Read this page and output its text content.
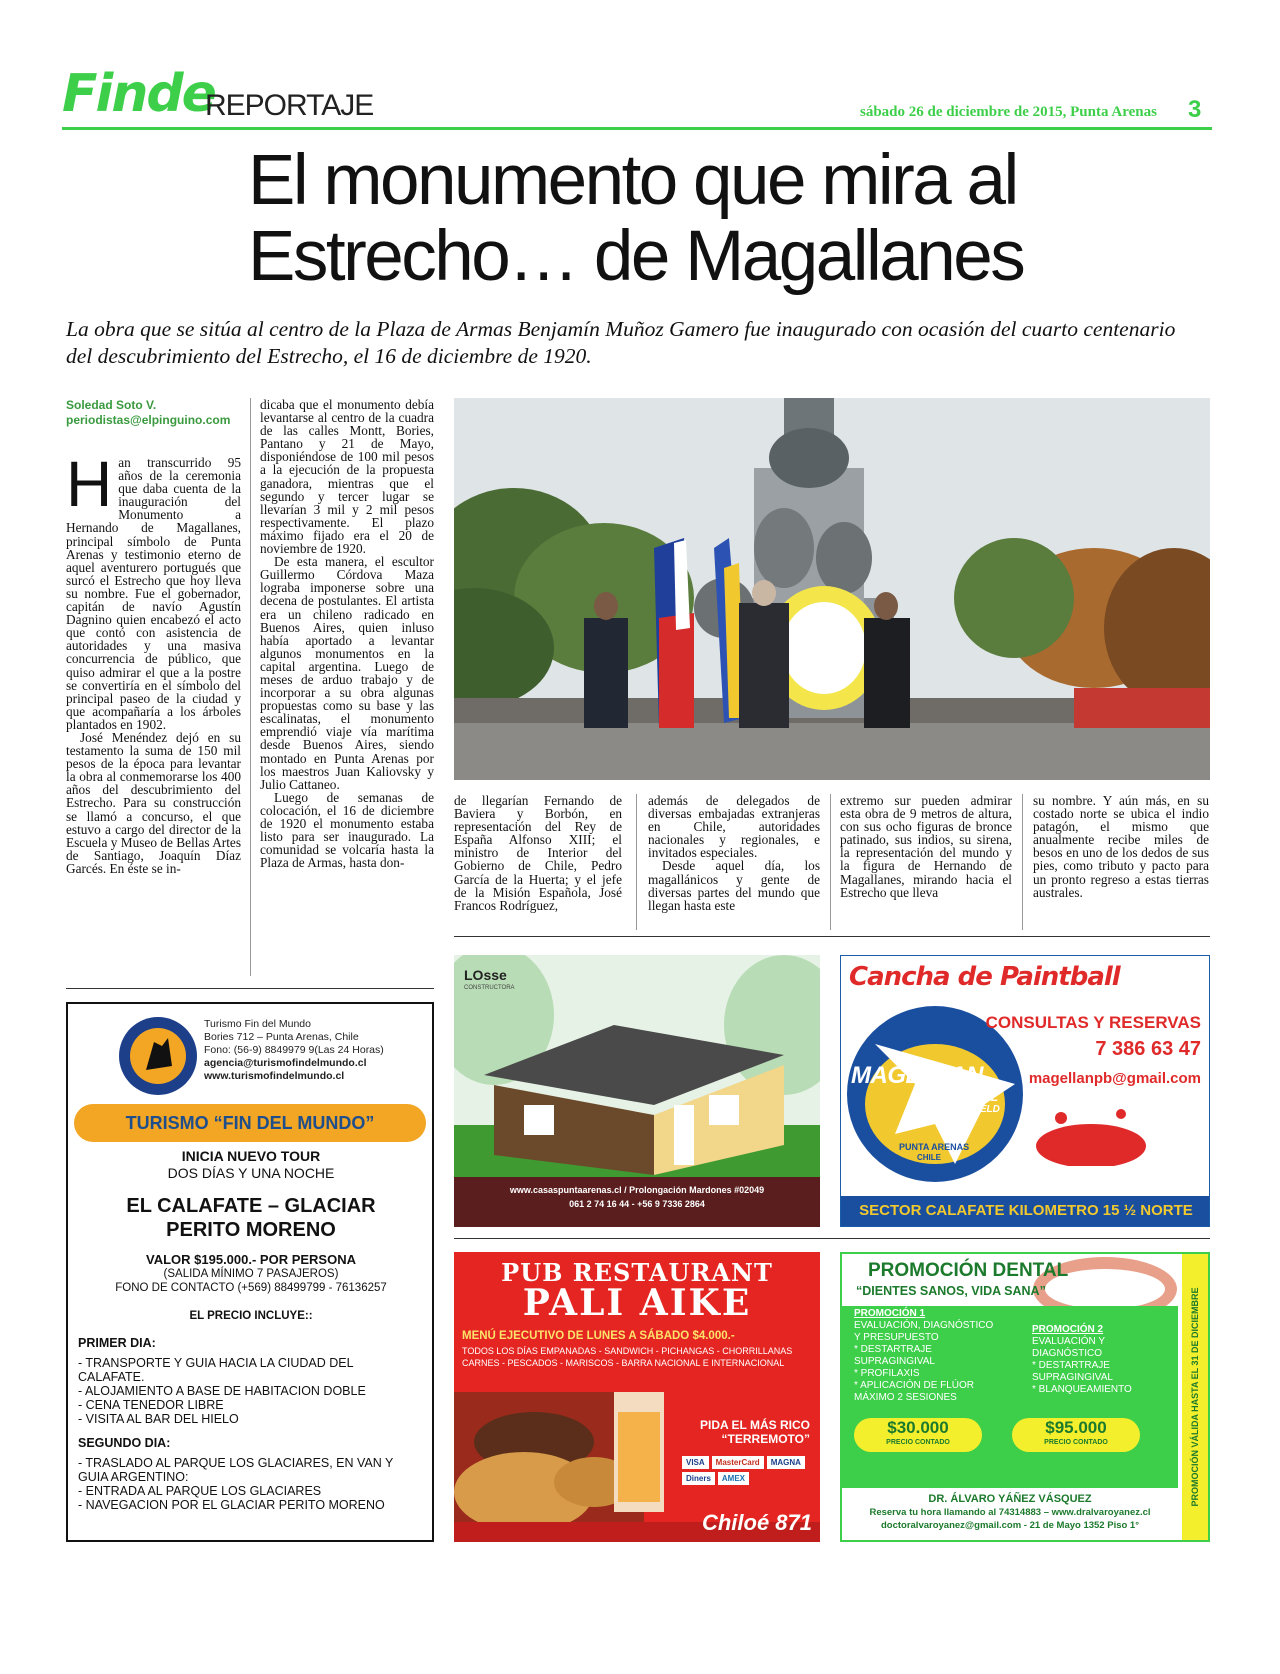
Finde
REPORTAJE	sábado 26 de diciembre de 2015, Punta Arenas 3
El monumento que mira al
Estrecho… de Magallanes
La obra que se sitúa al centro de la Plaza de Armas Benjamín Muñoz Gamero fue inaugurado con ocasión del cuarto centenario del descubrimiento del Estrecho, el 16 de diciembre de 1920.
Soledad Soto V.
periodistas@elpinguino.com
H an transcurrido 95 años de la ceremonia que daba cuenta de la inauguración del Monumento a Hernando de Magallanes, principal símbolo de Punta Arenas y testimonio eterno de aquel aventurero portugués que surcó el Estrecho que hoy lleva su nombre. Fue el gobernador, capitán de navío Agustín Dagnino quien encabezó el acto que contó con asistencia de autoridades y una masiva concurrencia de público, que quiso admirar el que a la postre se convertiría en el símbolo del principal paseo de la ciudad y que acompañaría a los árboles plantados en 1902.

José Menéndez dejó en su testamento la suma de 150 mil pesos de la época para levantar la obra al conmemorarse los 400 años del descubrimiento del Estrecho. Para su construcción se llamó a concurso, el que estuvo a cargo del director de la Escuela y Museo de Bellas Artes de Santiago, Joaquín Díaz Garcés. En éste se in-

dicaba que el monumento debía levantarse al centro de la cuadra de las calles Montt, Bories, Pantano y 21 de Mayo, disponiéndose de 100 mil pesos a la ejecución de la propuesta ganadora, mientras que el segundo y tercer lugar se llevarían 3 mil y 2 mil pesos respectivamente. El plazo máximo fijado era el 20 de noviembre de 1920.

De esta manera, el escultor Guillermo Córdova Maza lograba imponerse sobre una decena de postulantes. El artista era un chileno radicado en Buenos Aires, quien inluso había aportado a levantar algunos monumentos en la capital argentina. Luego de meses de arduo trabajo y de incorporar a su obra algunas propuestas como su base y las escalinatas, el monumento emprendió viaje vía marítima desde Buenos Aires, siendo montado en Punta Arenas por los maestros Juan Kaliovsky y Julio Cattaneo.

Luego de semanas de colocación, el 16 de diciembre de 1920 el monumento estaba listo para ser inaugurado. La comunidad se volcaría hasta la Plaza de Armas, hasta don-

de llegarían Fernando de Baviera y Borbón, en representación del Rey de España Alfonso XIII; el ministro de Interior del Gobierno de Chile, Pedro García de la Huerta; y el jefe de la Misión Española, José Francos Rodríguez,

además de delegados de diversas embajadas extranjeras en Chile, autoridades nacionales y regionales, e invitados especiales.

Desde aquel día, los magallánicos y gente de diversas partes del mundo que llegan hasta este

extremo sur pueden admirar esta obra de 9 metros de altura, con sus ocho figuras de bronce patinado, sus indios, su sirena, la representación del mundo y la figura de Hernando de Magallanes, mirando hacia el Estrecho que lleva

su nombre. Y aún más, en su costado norte se ubica el indio patagón, el mismo que anualmente recibe miles de besos en uno de los dedos de sus pies, como tributo y pacto para un pronto regreso a estas tierras australes.

Turismo Fin del Mundo
Bories 712 – Punta Arenas, Chile
Fono: (56-9) 8849979 9(Las 24 Horas)
agencia@turismofindelmundo.cl
www.turismofindelmundo.cl
TURISMO “FIN DEL MUNDO”
INICIA NUEVO TOUR
DOS DÍAS Y UNA NOCHE
EL CALAFATE – GLACIAR
PERITO MORENO
VALOR $195.000.- POR PERSONA
(SALIDA MÍNIMO 7 PASAJEROS)
FONO DE CONTACTO (+569) 88499799 - 76136257
EL PRECIO INCLUYE::
PRIMER DIA:
- TRANSPORTE Y GUIA HACIA LA CIUDAD DEL CALAFATE.
- ALOJAMIENTO A BASE DE HABITACION DOBLE
- CENA TENEDOR LIBRE
- VISITA AL BAR DEL HIELO
SEGUNDO DIA:
- TRASLADO AL PARQUE LOS GLACIARES, EN VAN Y GUIA ARGENTINO:
- ENTRADA AL PARQUE LOS GLACIARES
- NAVEGACION POR EL GLACIAR PERITO MORENO
LOsse
CONSTRUCTORA
www.casaspuntaarenas.cl / Prolongación Mardones #02049
061 2 74 16 44 - +56 9 7336 2864
Cancha de Paintball
MAGELLAN
PAINTBALL
FIELD
PUNTA ARENAS
CHILE
CONSULTAS Y RESERVAS
7 386 63 47
magellanpb@gmail.com
SECTOR CALAFATE KILOMETRO 15 ½ NORTE
PUB RESTAURANT
PALI AIKE
MENÚ EJECUTIVO DE LUNES A SÁBADO $4.000.-
TODOS LOS DÍAS EMPANADAS - SANDWICH - PICHANGAS - CHORRILLANAS
CARNES - PESCADOS - MARISCOS - BARRA NACIONAL E INTERNACIONAL
PIDA EL MÁS RICO
“TERREMOTO”
VISA	MasterCard	MAGNA
Diners	AMEX
Chiloé 871
PROMOCIÓN DENTAL
“DIENTES SANOS, VIDA SANA”
PROMOCIÓN 1
EVALUACIÓN, DIAGNÓSTICO
Y PRESUPUESTO
* DESTARTRAJE
SUPRAGINGIVAL
* PROFILAXIS
* APLICACIÓN DE FLÚOR
MÁXIMO 2 SESIONES
PROMOCIÓN 2
EVALUACIÓN Y
DIAGNÓSTICO
* DESTARTRAJE
SUPRAGINGIVAL
* BLANQUEAMIENTO
$30.000
PRECIO CONTADO
$95.000
PRECIO CONTADO
DR. ÁLVARO YÁÑEZ VÁSQUEZ
Reserva tu hora llamando al 74314883 – www.dralvaroyanez.cl
doctoralvaroyanez@gmail.com - 21 de Mayo 1352 Piso 1°
PROMOCIÓN VÁLIDA HASTA EL 31 DE DICIEMBRE
